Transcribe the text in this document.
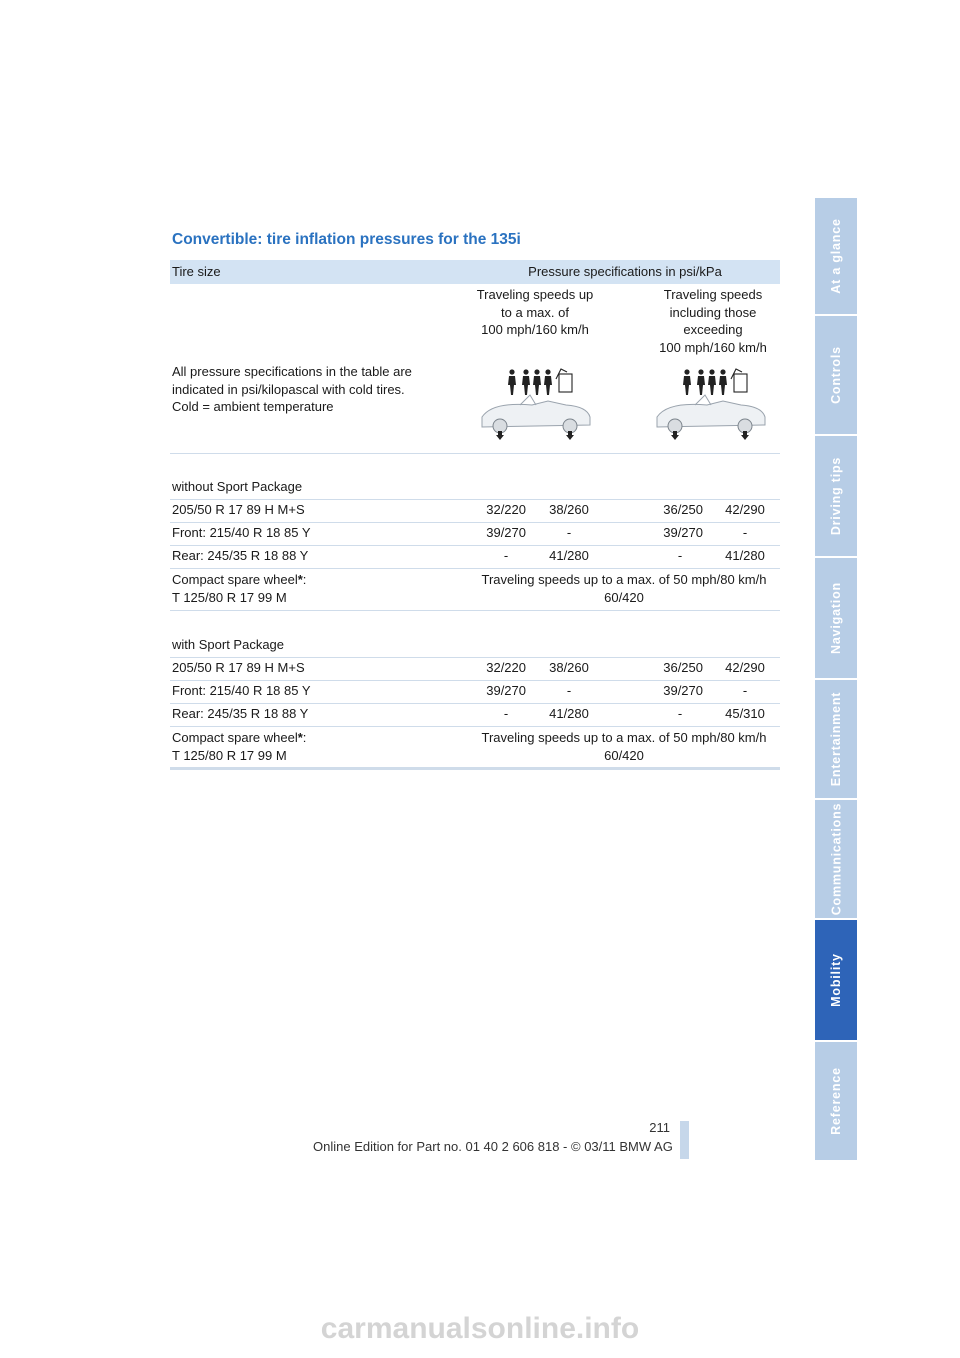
Convertible: tire inflation pressures for the 135i
Tire size	Pressure specifications in psi/kPa
Traveling speeds up
to a max. of
100 mph/160 km/h
Traveling speeds
including those
exceeding
100 mph/160 km/h
All pressure specifications in the table are
indicated in psi/kilopascal with cold tires.
Cold = ambient temperature
without Sport Package
205/50 R 17 89 H M+S	32/220	38/260	36/250	42/290
Front: 215/40 R 18 85 Y	39/270	-	39/270	-
Rear: 245/35 R 18 88 Y	-	41/280	-	41/280
Compact spare wheel*:
T 125/80 R 17 99 M
Traveling speeds up to a max. of 50 mph/80 km/h
60/420
with Sport Package
205/50 R 17 89 H M+S	32/220	38/260	36/250	42/290
Front: 215/40 R 18 85 Y	39/270	-	39/270	-
Rear: 245/35 R 18 88 Y	-	41/280	-	45/310
Compact spare wheel*:
T 125/80 R 17 99 M
Traveling speeds up to a max. of 50 mph/80 km/h
60/420
At a glance
Controls
Driving tips
Navigation
Entertainment
Communications
Mobility
Reference
211
Online Edition for Part no. 01 40 2 606 818 - © 03/11 BMW AG
carmanualsonline.info
